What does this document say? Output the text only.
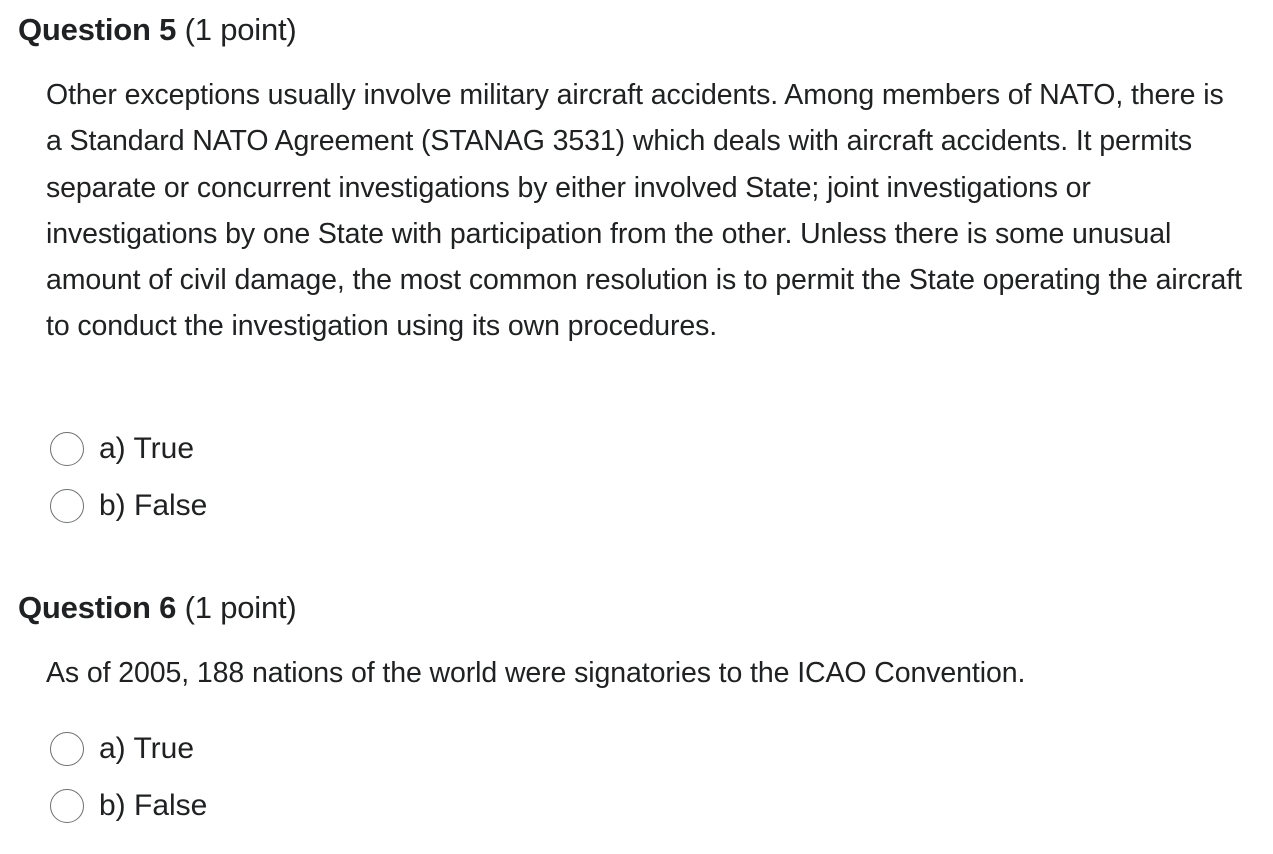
Question 5 (1 point)

Other exceptions usually involve military aircraft accidents. Among members of NATO, there is a Standard NATO Agreement (STANAG 3531) which deals with aircraft accidents. It permits separate or concurrent investigations by either involved State; joint investigations or investigations by one State with participation from the other. Unless there is some unusual amount of civil damage, the most common resolution is to permit the State operating the aircraft to conduct the investigation using its own procedures.

a) True
b) False
Question 6 (1 point)

As of 2005, 188 nations of the world were signatories to the ICAO Convention.

a) True
b) False
